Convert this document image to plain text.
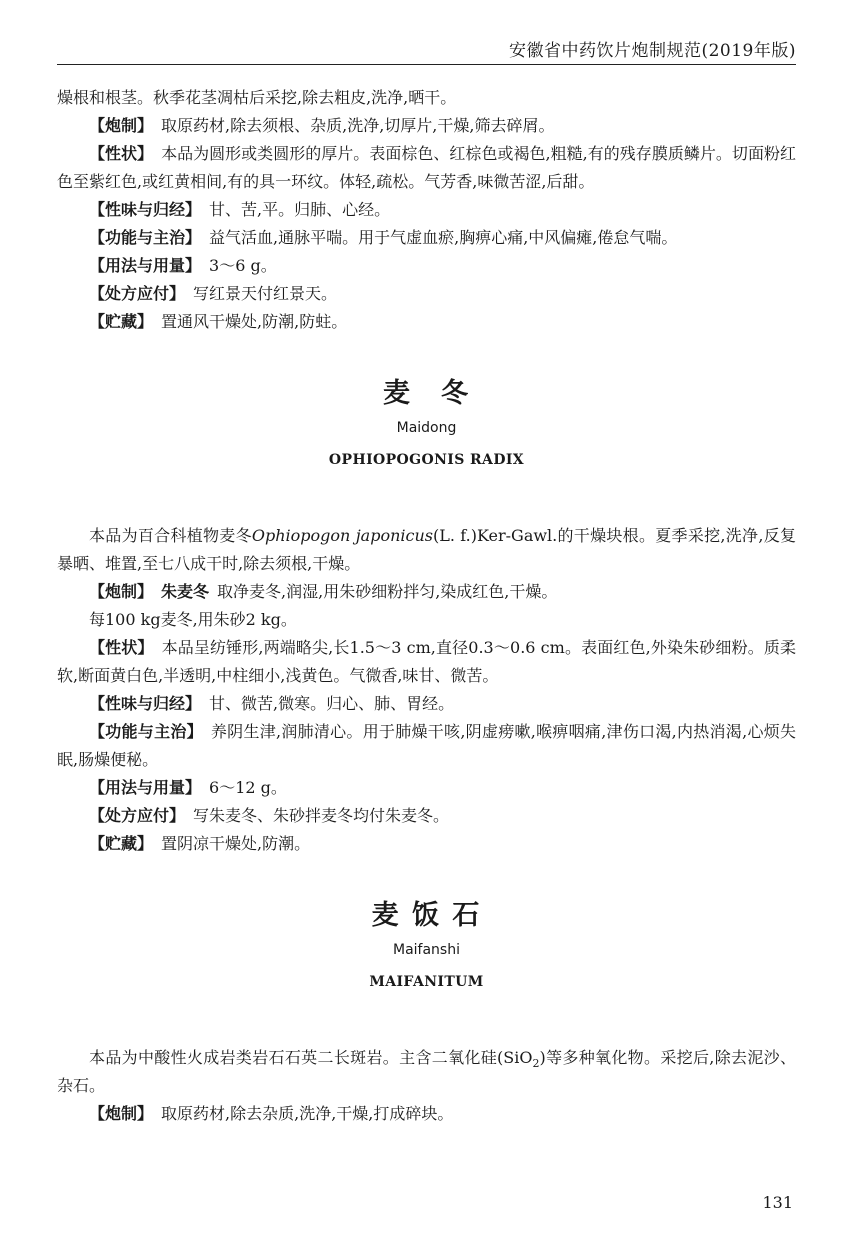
安徽省中药饮片炮制规范(2019年版)

燥根和根茎。秋季花茎凋枯后采挖,除去粗皮,洗净,晒干。

【炮制】 取原药材,除去须根、杂质,洗净,切厚片,干燥,筛去碎屑。

【性状】 本品为圆形或类圆形的厚片。表面棕色、红棕色或褐色,粗糙,有的残存膜质鳞片。切面粉红色至紫红色,或红黄相间,有的具一环纹。体轻,疏松。气芳香,味微苦涩,后甜。

【性味与归经】 甘、苦,平。归肺、心经。

【功能与主治】 益气活血,通脉平喘。用于气虚血瘀,胸痹心痛,中风偏瘫,倦怠气喘。

【用法与用量】 3～6 g。

【处方应付】 写红景天付红景天。

【贮藏】 置通风干燥处,防潮,防蛀。

麦　冬
Maidong
OPHIOPOGONIS RADIX

本品为百合科植物麦冬Ophiopogon japonicus(L. f.)Ker-Gawl.的干燥块根。夏季采挖,洗净,反复暴晒、堆置,至七八成干时,除去须根,干燥。

【炮制】 朱麦冬 取净麦冬,润湿,用朱砂细粉拌匀,染成红色,干燥。

每100 kg麦冬,用朱砂2 kg。

【性状】 本品呈纺锤形,两端略尖,长1.5～3 cm,直径0.3～0.6 cm。表面红色,外染朱砂细粉。质柔软,断面黄白色,半透明,中柱细小,浅黄色。气微香,味甘、微苦。

【性味与归经】 甘、微苦,微寒。归心、肺、胃经。

【功能与主治】 养阴生津,润肺清心。用于肺燥干咳,阴虚痨嗽,喉痹咽痛,津伤口渴,内热消渴,心烦失眠,肠燥便秘。

【用法与用量】 6～12 g。

【处方应付】 写朱麦冬、朱砂拌麦冬均付朱麦冬。

【贮藏】 置阴凉干燥处,防潮。

麦 饭 石
Maifanshi
MAIFANITUM

本品为中酸性火成岩类岩石石英二长斑岩。主含二氧化硅(SiO$_2$)等多种氧化物。采挖后,除去泥沙、杂石。

【炮制】 取原药材,除去杂质,洗净,干燥,打成碎块。

131
